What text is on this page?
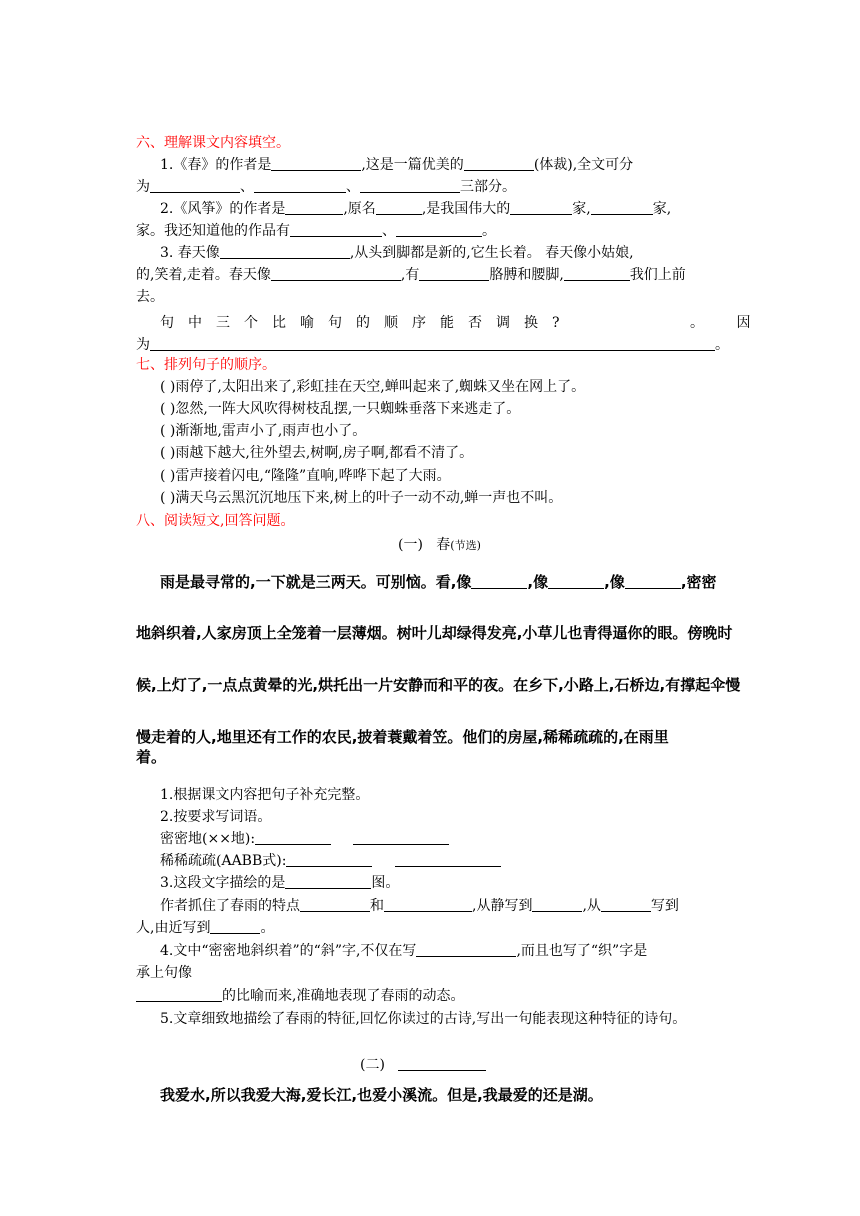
六、理解课文内容填空。
1.《春》的作者是	,这是一篇优美的	(体裁),全文可分
为	、	、	三部分。
2.《风筝》的作者是	,原名	,是我国伟大的	家,	家,
家。我还知道他的作品有	、	。
3. 春天像	,从头到脚都是新的,它生长着。 春天像小姑娘,
的,笑着,走着。春天像	,有	胳膊和腰脚,	我们上前
去。
句中三个比喻句的顺序能否调换?	。 因
为	。
七、排列句子的顺序。
( )雨停了,太阳出来了,彩虹挂在天空,蝉叫起来了,蜘蛛又坐在网上了。
( )忽然,一阵大风吹得树枝乱摆,一只蜘蛛垂落下来逃走了。
( )渐渐地,雷声小了,雨声也小了。
( )雨越下越大,往外望去,树啊,房子啊,都看不清了。
( )雷声接着闪电,“隆隆”直响,哗哗下起了大雨。
( )满天乌云黑沉沉地压下来,树上的叶子一动不动,蝉一声也不叫。
八、阅读短文,回答问题。
(一) 春(节选)
雨是最寻常的,一下就是三两天。可别恼。看,像	,像	,像	,密密
地斜织着,人家房顶上全笼着一层薄烟。树叶儿却绿得发亮,小草儿也青得逼你的眼。傍晚时
候,上灯了,一点点黄晕的光,烘托出一片安静而和平的夜。在乡下,小路上,石桥边,有撑起伞慢
慢走着的人,地里还有工作的农民,披着蓑戴着笠。他们的房屋,稀稀疏疏的,在雨里
着。
1.根据课文内容把句子补充完整。
2.按要求写词语。
密密地(××地):
稀稀疏疏(AABB式):
3.这段文字描绘的是	图。
作者抓住了春雨的特点	和	,从静写到	,从	写到
人,由近写到	。
4.文中“密密地斜织着”的“斜”字,不仅在写	,而且也写了“织”字是
承上句像
的比喻而来,准确地表现了春雨的动态。
5.文章细致地描绘了春雨的特征,回忆你读过的古诗,写出一句能表现这种特征的诗句。
(二)
我爱水,所以我爱大海,爱长江,也爱小溪流。但是,我最爱的还是湖。
